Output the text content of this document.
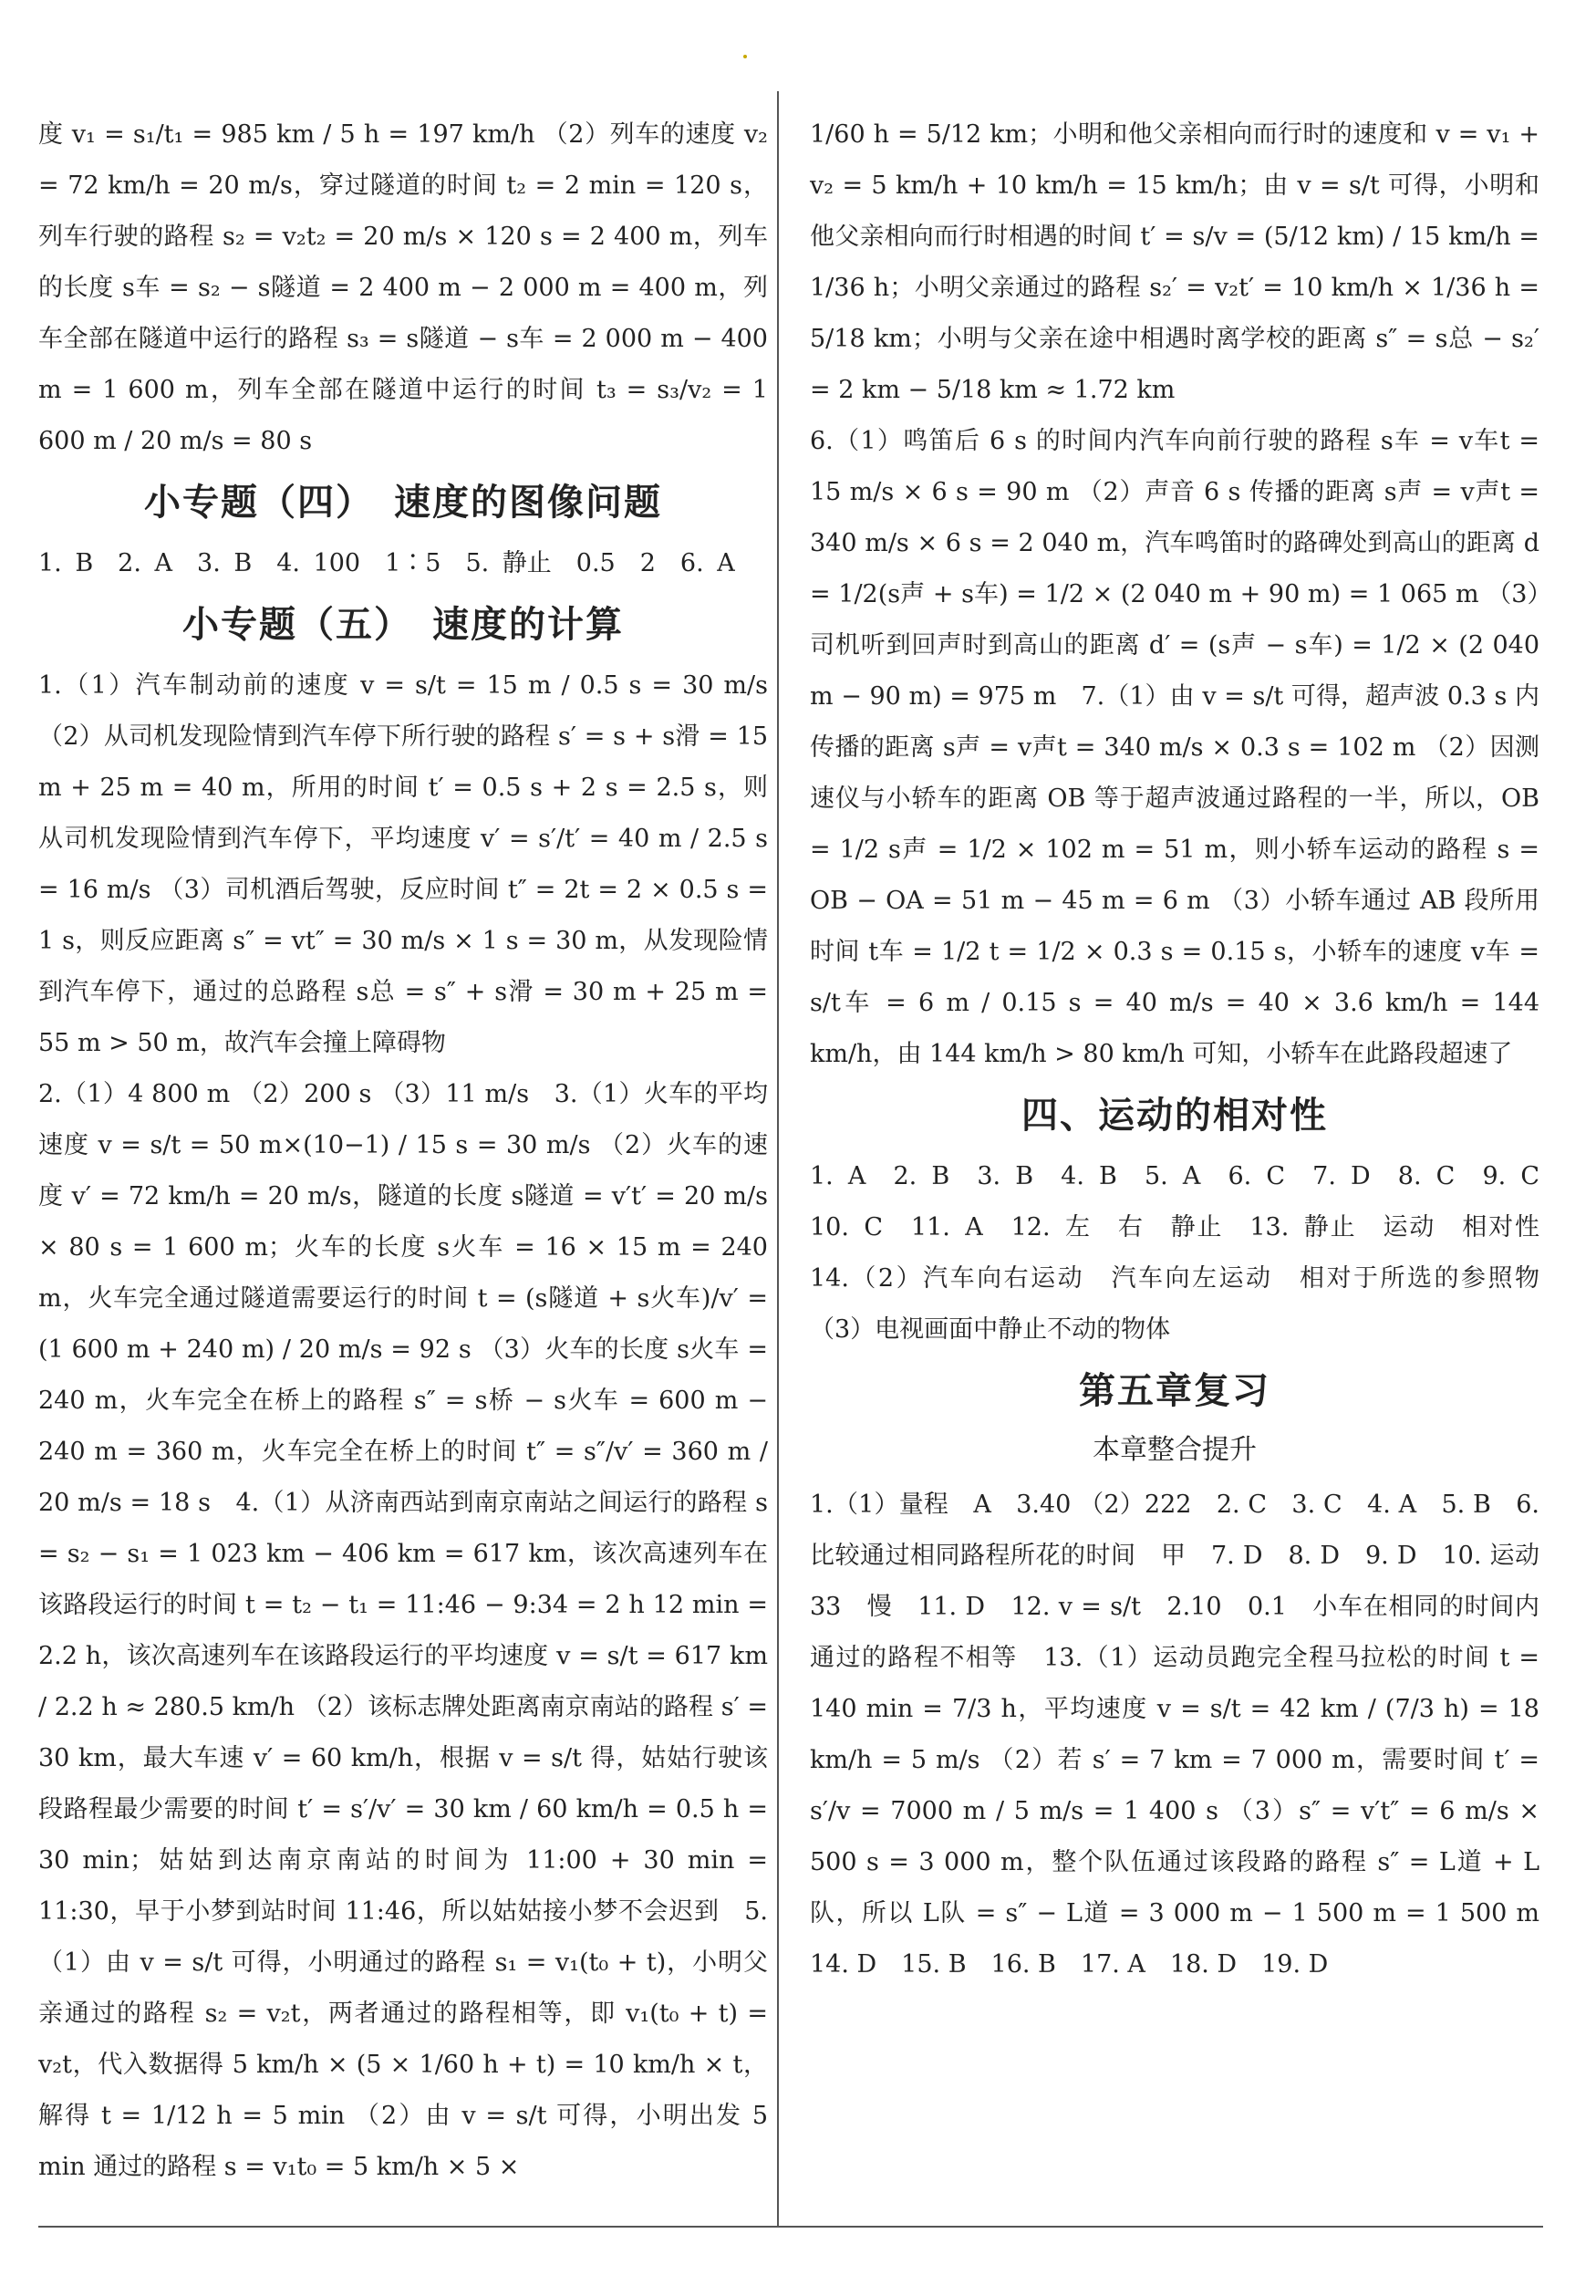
度 v₁ = s₁/t₁ = 985 km / 5 h = 197 km/h （2）列车的速度 v₂ = 72 km/h = 20 m/s，穿过隧道的时间 t₂ = 2 min = 120 s，列车行驶的路程 s₂ = v₂t₂ = 20 m/s × 120 s = 2 400 m，列车的长度 s车 = s₂ − s隧道 = 2 400 m − 2 000 m = 400 m，列车全部在隧道中运行的路程 s₃ = s隧道 − s车 = 2 000 m − 400 m = 1 600 m，列车全部在隧道中运行的时间 t₃ = s₃/v₂ = 1 600 m / 20 m/s = 80 s

小专题（四）　速度的图像问题

1. B　2. A　3. B　4. 100　1∶5　5. 静止　0.5　2　6. A

小专题（五）　速度的计算

1.（1）汽车制动前的速度 v = s/t = 15 m / 0.5 s = 30 m/s （2）从司机发现险情到汽车停下所行驶的路程 s′ = s + s滑 = 15 m + 25 m = 40 m，所用的时间 t′ = 0.5 s + 2 s = 2.5 s，则从司机发现险情到汽车停下，平均速度 v′ = s′/t′ = 40 m / 2.5 s = 16 m/s （3）司机酒后驾驶，反应时间 t″ = 2t = 2 × 0.5 s = 1 s，则反应距离 s″ = vt″ = 30 m/s × 1 s = 30 m，从发现险情到汽车停下，通过的总路程 s总 = s″ + s滑 = 30 m + 25 m = 55 m > 50 m，故汽车会撞上障碍物

2.（1）4 800 m （2）200 s （3）11 m/s　3.（1）火车的平均速度 v = s/t = 50 m×(10−1) / 15 s = 30 m/s （2）火车的速度 v′ = 72 km/h = 20 m/s，隧道的长度 s隧道 = v′t′ = 20 m/s × 80 s = 1 600 m；火车的长度 s火车 = 16 × 15 m = 240 m，火车完全通过隧道需要运行的时间 t = (s隧道 + s火车)/v′ = (1 600 m + 240 m) / 20 m/s = 92 s （3）火车的长度 s火车 = 240 m，火车完全在桥上的路程 s″ = s桥 − s火车 = 600 m − 240 m = 360 m，火车完全在桥上的时间 t″ = s″/v′ = 360 m / 20 m/s = 18 s　4.（1）从济南西站到南京南站之间运行的路程 s = s₂ − s₁ = 1 023 km − 406 km = 617 km，该次高速列车在该路段运行的时间 t = t₂ − t₁ = 11:46 − 9:34 = 2 h 12 min = 2.2 h，该次高速列车在该路段运行的平均速度 v = s/t = 617 km / 2.2 h ≈ 280.5 km/h （2）该标志牌处距离南京南站的路程 s′ = 30 km，最大车速 v′ = 60 km/h，根据 v = s/t 得，姑姑行驶该段路程最少需要的时间 t′ = s′/v′ = 30 km / 60 km/h = 0.5 h = 30 min；姑姑到达南京南站的时间为 11:00 + 30 min = 11:30，早于小梦到站时间 11:46，所以姑姑接小梦不会迟到　5.（1）由 v = s/t 可得，小明通过的路程 s₁ = v₁(t₀ + t)，小明父亲通过的路程 s₂ = v₂t，两者通过的路程相等，即 v₁(t₀ + t) = v₂t，代入数据得 5 km/h × (5 × 1/60 h + t) = 10 km/h × t，解得 t = 1/12 h = 5 min （2）由 v = s/t 可得，小明出发 5 min 通过的路程 s = v₁t₀ = 5 km/h × 5 ×

1/60 h = 5/12 km；小明和他父亲相向而行时的速度和 v = v₁ + v₂ = 5 km/h + 10 km/h = 15 km/h；由 v = s/t 可得，小明和他父亲相向而行时相遇的时间 t′ = s/v = (5/12 km) / 15 km/h = 1/36 h；小明父亲通过的路程 s₂′ = v₂t′ = 10 km/h × 1/36 h = 5/18 km；小明与父亲在途中相遇时离学校的距离 s″ = s总 − s₂′ = 2 km − 5/18 km ≈ 1.72 km

6.（1）鸣笛后 6 s 的时间内汽车向前行驶的路程 s车 = v车t = 15 m/s × 6 s = 90 m （2）声音 6 s 传播的距离 s声 = v声t = 340 m/s × 6 s = 2 040 m，汽车鸣笛时的路碑处到高山的距离 d = 1/2(s声 + s车) = 1/2 × (2 040 m + 90 m) = 1 065 m （3）司机听到回声时到高山的距离 d′ = (s声 − s车) = 1/2 × (2 040 m − 90 m) = 975 m　7.（1）由 v = s/t 可得，超声波 0.3 s 内传播的距离 s声 = v声t = 340 m/s × 0.3 s = 102 m （2）因测速仪与小轿车的距离 OB 等于超声波通过路程的一半，所以，OB = 1/2 s声 = 1/2 × 102 m = 51 m，则小轿车运动的路程 s = OB − OA = 51 m − 45 m = 6 m （3）小轿车通过 AB 段所用时间 t车 = 1/2 t = 1/2 × 0.3 s = 0.15 s，小轿车的速度 v车 = s/t车 = 6 m / 0.15 s = 40 m/s = 40 × 3.6 km/h = 144 km/h，由 144 km/h > 80 km/h 可知，小轿车在此路段超速了

四、运动的相对性

1. A　2. B　3. B　4. B　5. A　6. C　7. D　8. C　9. C　10. C　11. A　12. 左　右　静止　13. 静止　运动　相对性　14.（2）汽车向右运动　汽车向左运动　相对于所选的参照物　（3）电视画面中静止不动的物体

第五章复习
本章整合提升

1.（1）量程　A　3.40 （2）222　2. C　3. C　4. A　5. B　6. 比较通过相同路程所花的时间　甲　7. D　8. D　9. D　10. 运动　33　慢　11. D　12. v = s/t　2.10　0.1　小车在相同的时间内通过的路程不相等　13.（1）运动员跑完全程马拉松的时间 t = 140 min = 7/3 h，平均速度 v = s/t = 42 km / (7/3 h) = 18 km/h = 5 m/s （2）若 s′ = 7 km = 7 000 m，需要时间 t′ = s′/v = 7000 m / 5 m/s = 1 400 s （3）s″ = v′t″ = 6 m/s × 500 s = 3 000 m，整个队伍通过该段路的路程 s″ = L道 + L队，所以 L队 = s″ − L道 = 3 000 m − 1 500 m = 1 500 m　14. D　15. B　16. B　17. A　18. D　19. D
